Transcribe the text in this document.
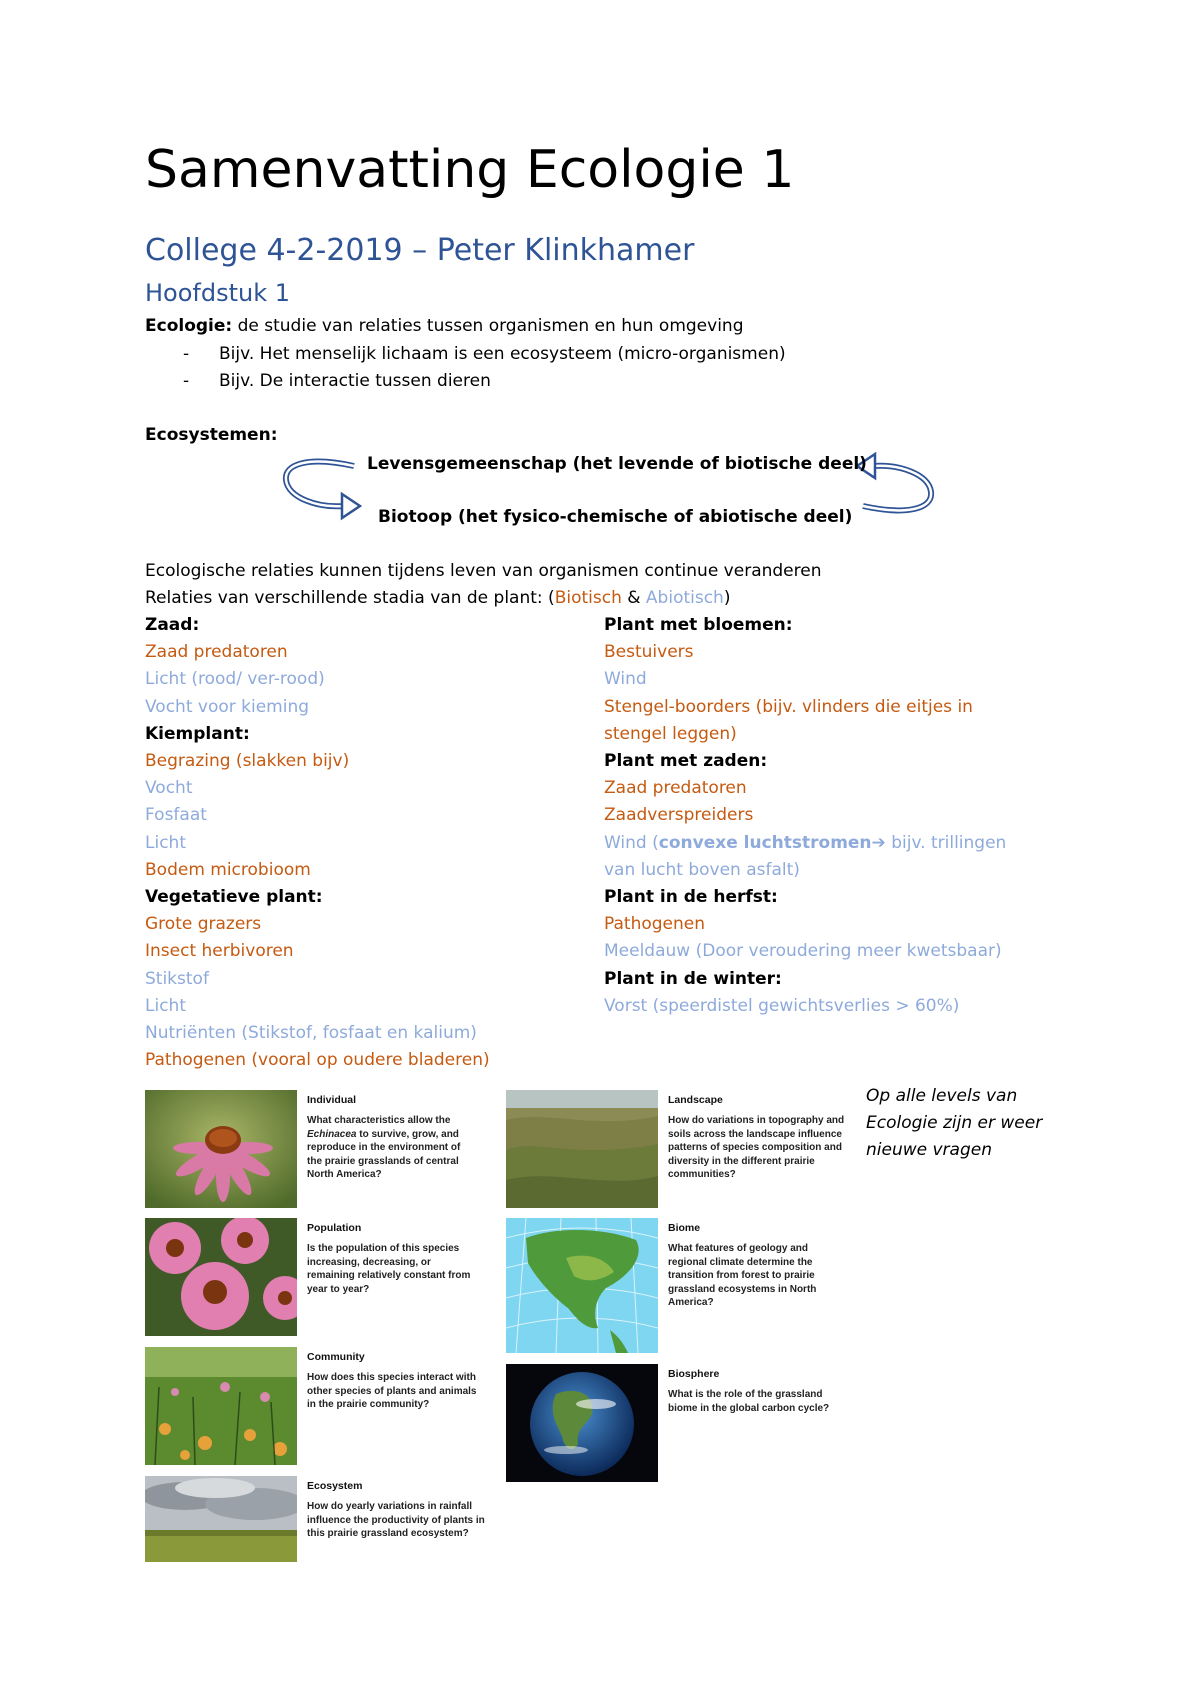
Samenvatting Ecologie 1
College 4-2-2019 – Peter Klinkhamer
Hoofdstuk 1
Ecologie: de studie van relaties tussen organismen en hun omgeving
- Bijv. Het menselijk lichaam is een ecosysteem (micro-organismen)
- Bijv. De interactie tussen dieren
Ecosystemen:
Levensgemeenschap (het levende of biotische deel)
Biotoop (het fysico-chemische of abiotische deel)
Ecologische relaties kunnen tijdens leven van organismen continue veranderen
Relaties van verschillende stadia van de plant: (Biotisch & Abiotisch)
Zaad:
Zaad predatoren
Licht (rood/ ver-rood)
Vocht voor kieming
Kiemplant:
Begrazing (slakken bijv)
Vocht
Fosfaat
Licht
Bodem microbioom
Vegetatieve plant:
Grote grazers
Insect herbivoren
Stikstof
Licht
Nutriënten (Stikstof, fosfaat en kalium)
Pathogenen (vooral op oudere bladeren)
Plant met bloemen:
Bestuivers
Wind
Stengel-boorders (bijv. vlinders die eitjes in
stengel leggen)
Plant met zaden:
Zaad predatoren
Zaadverspreiders
Wind (convexe luchtstromen➔ bijv. trillingen
van lucht boven asfalt)
Plant in de herfst:
Pathogenen
Meeldauw (Door veroudering meer kwetsbaar)
Plant in de winter:
Vorst (speerdistel gewichtsverlies > 60%)
Individual
What characteristics allow the Echinacea to survive, grow, and reproduce in the environment of the prairie grasslands of central North America?
Population
Is the population of this species increasing, decreasing, or remaining relatively constant from year to year?
Community
How does this species interact with other species of plants and animals in the prairie community?
Ecosystem
How do yearly variations in rainfall influence the productivity of plants in this prairie grassland ecosystem?
Landscape
How do variations in topography and soils across the landscape influence patterns of species composition and diversity in the different prairie communities?
Biome
What features of geology and regional climate determine the transition from forest to prairie grassland ecosystems in North America?
Biosphere
What is the role of the grassland biome in the global carbon cycle?
Op alle levels van Ecologie zijn er weer nieuwe vragen
